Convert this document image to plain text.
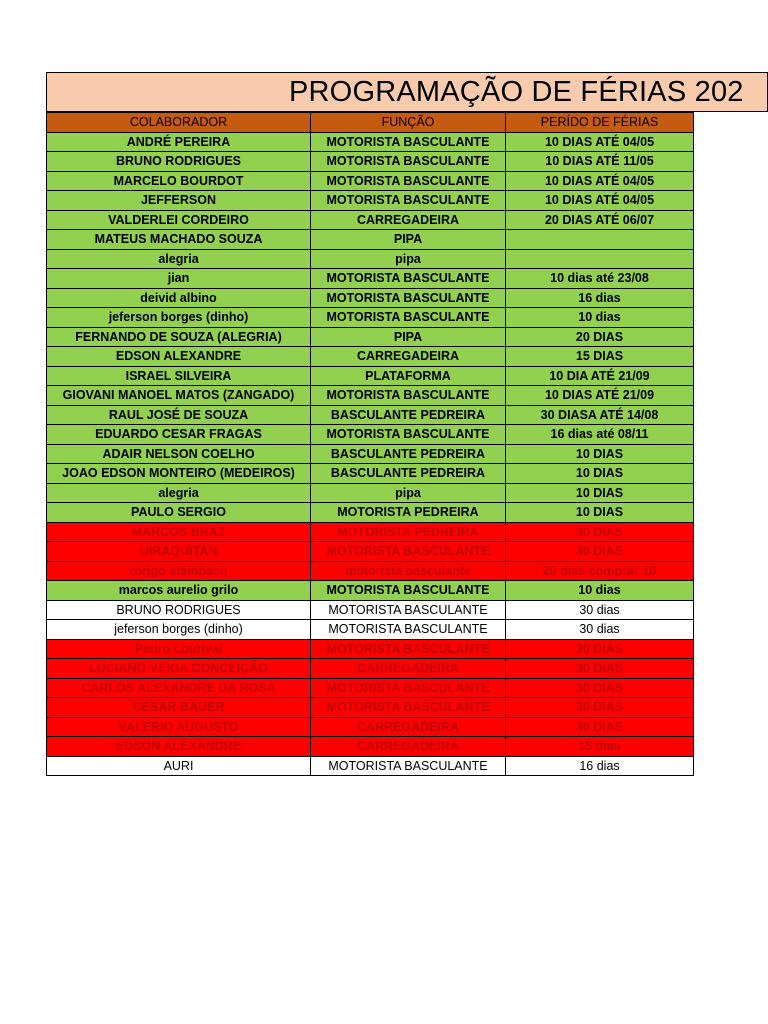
PROGRAMAÇÃO DE FÉRIAS 202
COLABORADOR	FUNÇÃO	PERÍDO DE FÉRIAS
ANDRÉ PEREIRA	MOTORISTA BASCULANTE	10 DIAS ATÉ 04/05
BRUNO RODRIGUES	MOTORISTA BASCULANTE	10 DIAS ATÉ 11/05
MARCELO BOURDOT	MOTORISTA BASCULANTE	10 DIAS ATÉ 04/05
JEFFERSON	MOTORISTA BASCULANTE	10 DIAS ATÉ 04/05
VALDERLEI CORDEIRO	CARREGADEIRA	20 DIAS ATÉ 06/07
MATEUS MACHADO SOUZA	PIPA	
alegria	pipa	
jian	MOTORISTA BASCULANTE	10 dias até 23/08
deivid albino	MOTORISTA BASCULANTE	16 dias
jeferson borges (dinho)	MOTORISTA BASCULANTE	10 dias
FERNANDO DE SOUZA (ALEGRIA)	PIPA	20 DIAS
EDSON ALEXANDRE	CARREGADEIRA	15 DIAS
ISRAEL SILVEIRA	PLATAFORMA	10 DIA ATÉ 21/09
GIOVANI MANOEL MATOS (ZANGADO)	MOTORISTA BASCULANTE	10 DIAS ATÉ 21/09
RAUL JOSÉ DE SOUZA	BASCULANTE PEDREIRA	30 DIASA ATÉ 14/08
EDUARDO CESAR FRAGAS	MOTORISTA BASCULANTE	16 dias até 08/11
ADAIR NELSON COELHO	BASCULANTE PEDREIRA	10 DIAS
JOAO EDSON MONTEIRO (MEDEIROS)	BASCULANTE PEDREIRA	10 DIAS
alegria	pipa	10 DIAS
PAULO SERGIO	MOTORISTA PEDREIRA	10 DIAS
MARCOS BRAZ	MOTORISTA PEDREIRA	30 DIAS
UIRAQUITAN	MOTORISTA BASCULANTE	30 DIAS
rorigo steinbach	motorista basculante	20 dias comprar 10
marcos aurelio grilo	MOTORISTA BASCULANTE	10 dias
BRUNO RODRIGUES	MOTORISTA BASCULANTE	30 dias
jeferson borges (dinho)	MOTORISTA BASCULANTE	30 dias
Pedro Lourival	MOTORISTA BASCULANTE	30 DIAS
LUCIANO VEIGA CONCEIÇÃO	CARREGADEIRA	30 DIAS
CARLOS ALEXANDRE DA ROSA	MOTORISTA BASCULANTE	30 DIAS
CESAR BAUER	MOTORISTA BASCULANTE	30 DIAS
VALERIO AUGUSTO	CARREGADEIRA	30 DIAS
EDSON ALEXANDRE	CARREGADEIRA	15 dias
AURI	MOTORISTA BASCULANTE	16 dias
